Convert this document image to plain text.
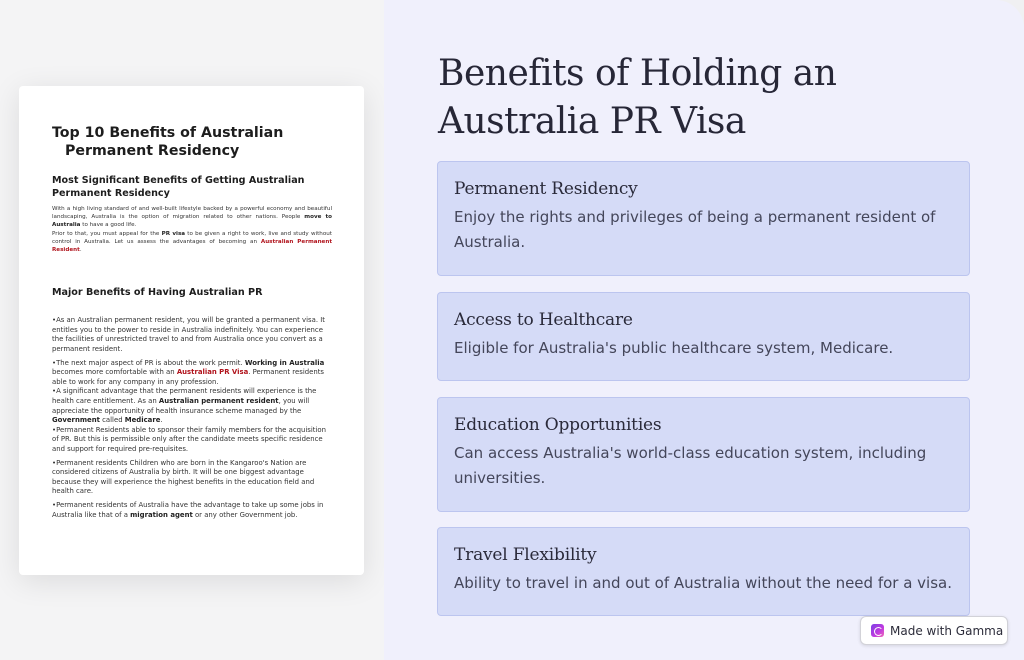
Top 10 Benefits of Australian
Permanent Residency
Most Significant Benefits of Getting Australian Permanent Residency
With a high living standard of and well-built lifestyle backed by a powerful economy and beautiful landscaping, Australia is the option of migration related to other nations. People move to Australia to have a good life.
Prior to that, you must appeal for the PR visa to be given a right to work, live and study without control in Australia. Let us assess the advantages of becoming an Australian Permanent Resident.
Major Benefits of Having Australian PR

•As an Australian permanent resident, you will be granted a permanent visa. It entitles you to the power to reside in Australia indefinitely. You can experience the facilities of unrestricted travel to and from Australia once you convert as a permanent resident.

•The next major aspect of PR is about the work permit. Working in Australia becomes more comfortable with an Australian PR Visa. Permanent residents able to work for any company in any profession.

•A significant advantage that the permanent residents will experience is the health care entitlement. As an Australian permanent resident, you will appreciate the opportunity of health insurance scheme managed by the Government called Medicare.

•Permanent Residents able to sponsor their family members for the acquisition of PR. But this is permissible only after the candidate meets specific residence and support for required pre-requisites.

•Permanent residents Children who are born in the Kangaroo's Nation are considered citizens of Australia by birth. It will be one biggest advantage because they will experience the highest benefits in the education field and health care.

•Permanent residents of Australia have the advantage to take up some jobs in Australia like that of a migration agent or any other Government job.

Benefits of Holding an
Australia PR Visa
Permanent Residency
Enjoy the rights and privileges of being a permanent resident of Australia.
Access to Healthcare
Eligible for Australia's public healthcare system, Medicare.
Education Opportunities
Can access Australia's world-class education system, including universities.
Travel Flexibility
Ability to travel in and out of Australia without the need for a visa.
Made with Gamma
